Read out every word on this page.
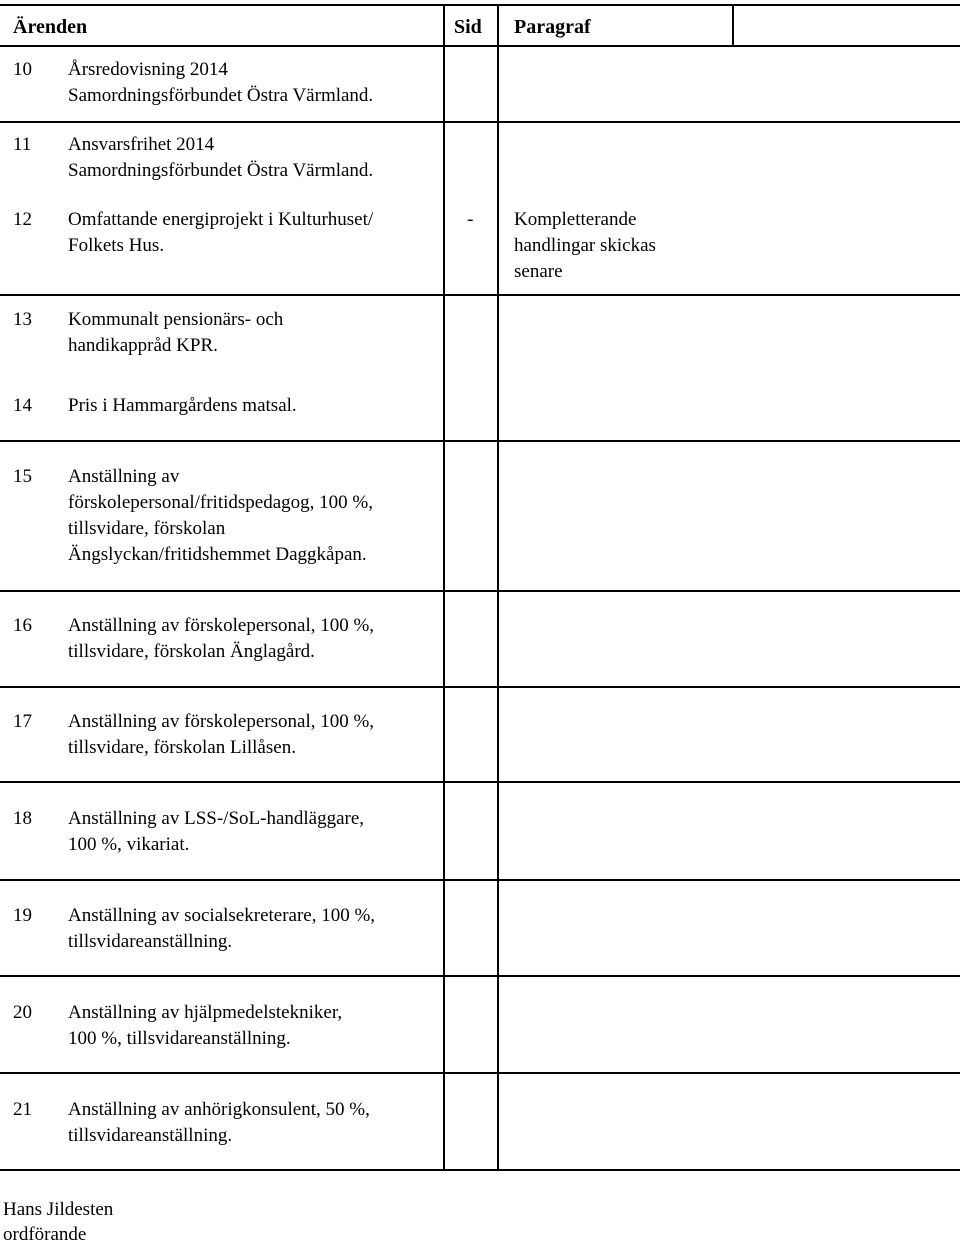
Ärenden	Sid Paragraf
10 Årsredovisning 2014
Samordningsförbundet Östra Värmland.
11 Ansvarsfrihet 2014
Samordningsförbundet Östra Värmland.
12 Omfattande energiprojekt i Kulturhuset/
Folkets Hus.
- Kompletterande
handlingar skickas
senare
13 Kommunalt pensionärs- och
handikappråd KPR.
14 Pris i Hammargårdens matsal.
15 Anställning av
förskolepersonal/fritidspedagog, 100 %,
tillsvidare, förskolan
Ängslyckan/fritidshemmet Daggkåpan.
16 Anställning av förskolepersonal, 100 %,
tillsvidare, förskolan Änglagård.
17 Anställning av förskolepersonal, 100 %,
tillsvidare, förskolan Lillåsen.
18 Anställning av LSS-/SoL-handläggare,
100 %, vikariat.
19 Anställning av socialsekreterare, 100 %,
tillsvidareanställning.
20 Anställning av hjälpmedelstekniker,
100 %, tillsvidareanställning.
21 Anställning av anhörigkonsulent, 50 %,
tillsvidareanställning.
Hans Jildesten
ordförande
